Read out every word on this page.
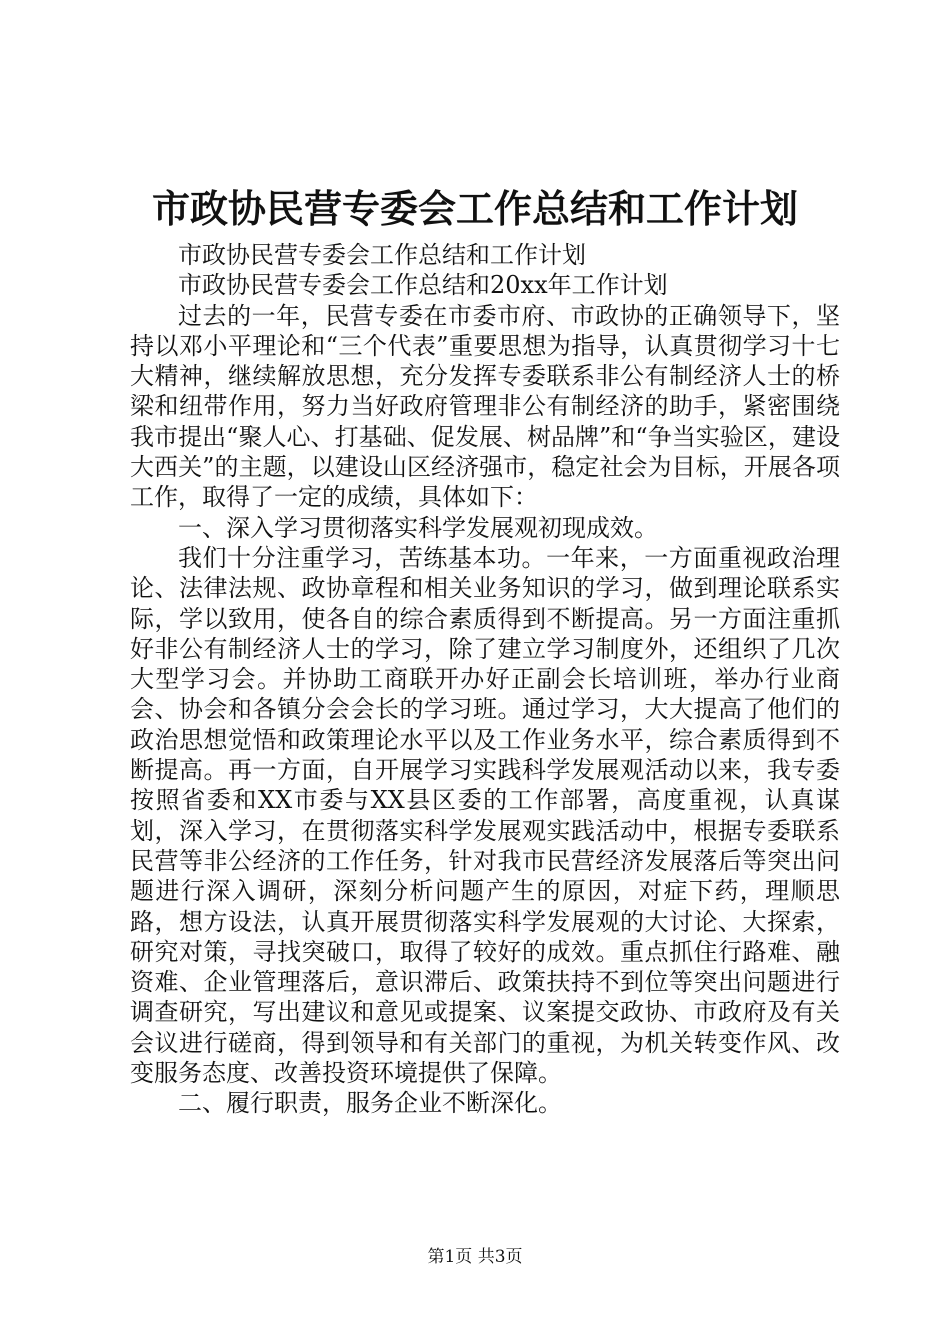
市政协民营专委会工作总结和工作计划

市政协民营专委会工作总结和工作计划

市政协民营专委会工作总结和20xx年工作计划

过去的一年，民营专委在市委市府、市政协的正确领导下，坚持以邓小平理论和“三个代表”重要思想为指导，认真贯彻学习十七大精神，继续解放思想，充分发挥专委联系非公有制经济人士的桥梁和纽带作用，努力当好政府管理非公有制经济的助手，紧密围绕我市提出“聚人心、打基础、促发展、树品牌”和“争当实验区，建设大西关”的主题，以建设山区经济强市，稳定社会为目标，开展各项工作，取得了一定的成绩，具体如下：

一、深入学习贯彻落实科学发展观初现成效。

我们十分注重学习，苦练基本功。一年来，一方面重视政治理论、法律法规、政协章程和相关业务知识的学习，做到理论联系实际，学以致用，使各自的综合素质得到不断提高。另一方面注重抓好非公有制经济人士的学习，除了建立学习制度外，还组织了几次大型学习会。并协助工商联开办好正副会长培训班，举办行业商会、协会和各镇分会会长的学习班。通过学习，大大提高了他们的政治思想觉悟和政策理论水平以及工作业务水平，综合素质得到不断提高。再一方面，自开展学习实践科学发展观活动以来，我专委按照省委和XX市委与XX县区委的工作部署，高度重视，认真谋划，深入学习，在贯彻落实科学发展观实践活动中，根据专委联系民营等非公经济的工作任务，针对我市民营经济发展落后等突出问题进行深入调研，深刻分析问题产生的原因，对症下药，理顺思路，想方设法，认真开展贯彻落实科学发展观的大讨论、大探索，研究对策，寻找突破口，取得了较好的成效。重点抓住行路难、融资难、企业管理落后，意识滞后、政策扶持不到位等突出问题进行调查研究，写出建议和意见或提案、议案提交政协、市政府及有关会议进行磋商，得到领导和有关部门的重视，为机关转变作风、改变服务态度、改善投资环境提供了保障。

二、履行职责，服务企业不断深化。

第1页 共3页
